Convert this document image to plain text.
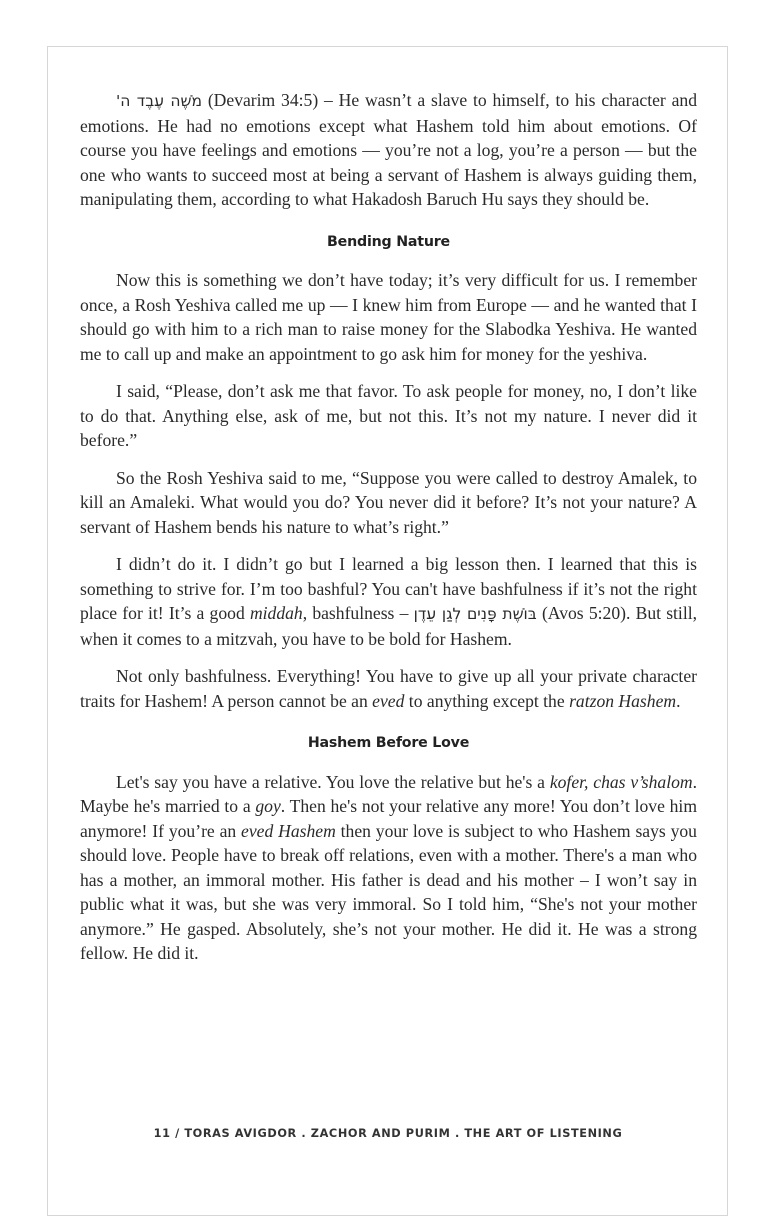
מֹשֶׁה עֶבֶד ה' (Devarim 34:5) – He wasn’t a slave to himself, to his character and emotions. He had no emotions except what Hashem told him about emotions. Of course you have feelings and emotions — you’re not a log, you’re a person — but the one who wants to succeed most at being a servant of Hashem is always guiding them, manipulating them, according to what Hakadosh Baruch Hu says they should be.

Bending Nature

Now this is something we don’t have today; it’s very difficult for us. I remember once, a Rosh Yeshiva called me up — I knew him from Europe — and he wanted that I should go with him to a rich man to raise money for the Slabodka Yeshiva. He wanted me to call up and make an appointment to go ask him for money for the yeshiva.

I said, “Please, don’t ask me that favor. To ask people for money, no, I don’t like to do that. Anything else, ask of me, but not this. It’s not my nature. I never did it before.”

So the Rosh Yeshiva said to me, “Suppose you were called to destroy Amalek, to kill an Amaleki. What would you do? You never did it before? It’s not your nature? A servant of Hashem bends his nature to what’s right.”

I didn’t do it. I didn’t go but I learned a big lesson then. I learned that this is something to strive for. I’m too bashful? You can't have bashfulness if it’s not the right place for it! It’s a good middah, bashfulness – בּוֹשֶׁת פָּנִים לְגַן עֵדֶן (Avos 5:20). But still, when it comes to a mitzvah, you have to be bold for Hashem.

Not only bashfulness. Everything! You have to give up all your private character traits for Hashem! A person cannot be an eved to anything except the ratzon Hashem.

Hashem Before Love

Let's say you have a relative. You love the relative but he's a kofer, chas v’shalom. Maybe he's married to a goy. Then he's not your relative any more! You don’t love him anymore! If you’re an eved Hashem then your love is subject to who Hashem says you should love. People have to break off relations, even with a mother. There's a man who has a mother, an immoral mother. His father is dead and his mother – I won’t say in public what it was, but she was very immoral. So I told him, “She's not your mother anymore.” He gasped. Absolutely, she’s not your mother. He did it. He was a strong fellow. He did it.

11 / TORAS AVIGDOR . ZACHOR AND PURIM . THE ART OF LISTENING
